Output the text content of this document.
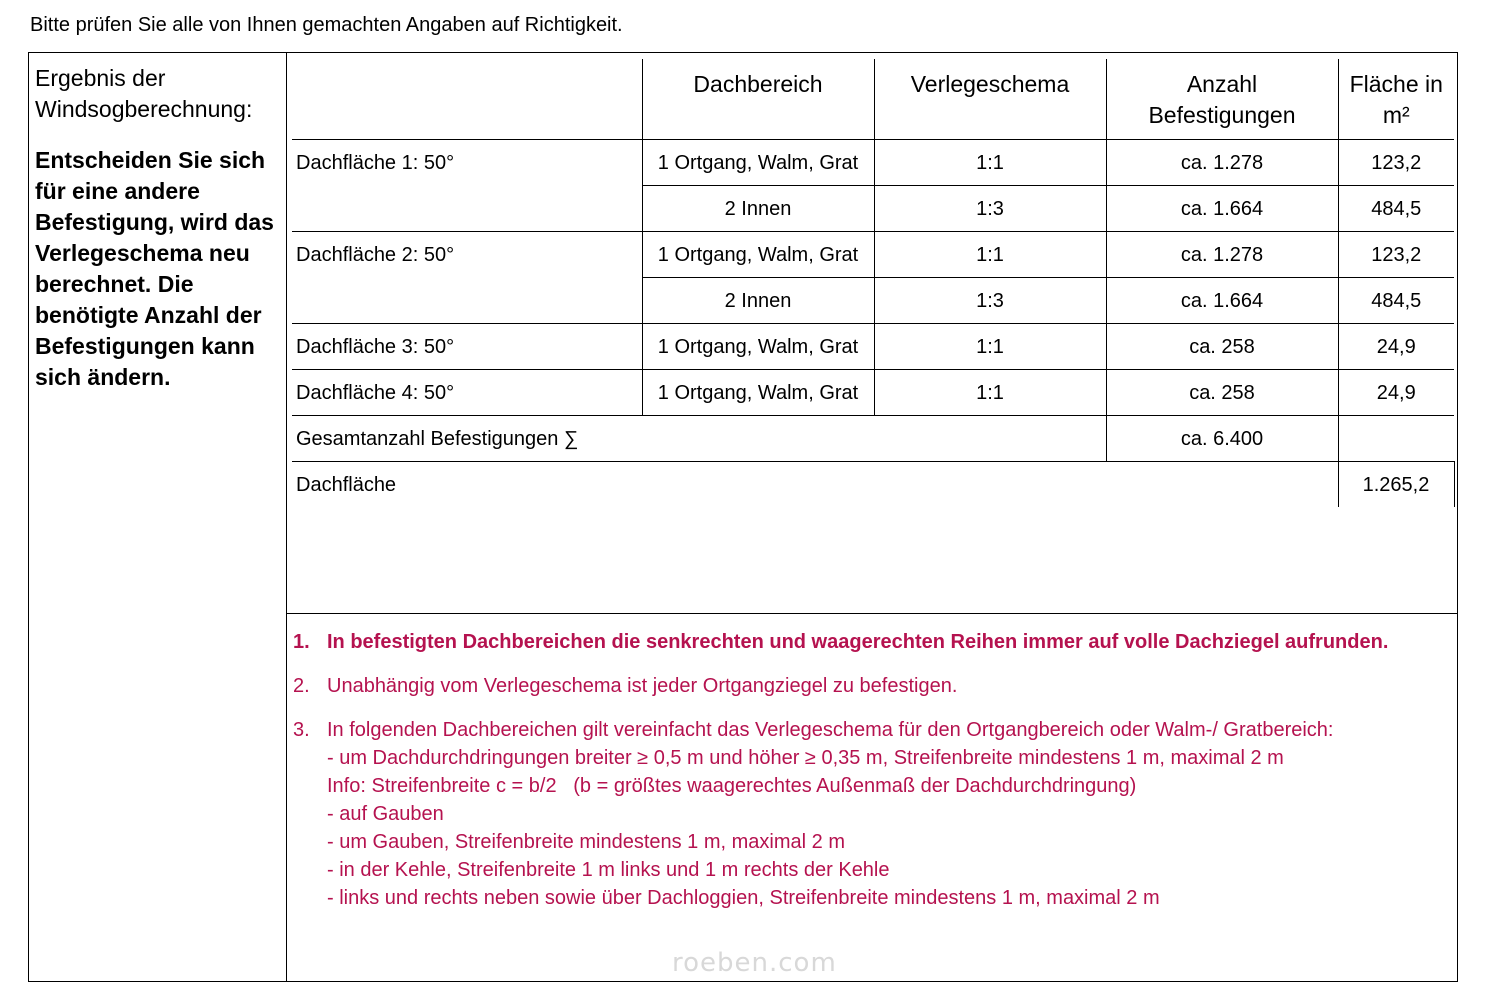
Bitte prüfen Sie alle von Ihnen gemachten Angaben auf Richtigkeit.

Ergebnis der Windsogberechnung:

Entscheiden Sie sich für eine andere Befestigung, wird das Verlegeschema neu berechnet. Die benötigte Anzahl der Befestigungen kann sich ändern.

	Dachbereich	Verlegeschema	Anzahl Befestigungen	Fläche in m²
Dachfläche 1: 50°	1 Ortgang, Walm, Grat	1:1	ca. 1.278	123,2
	2 Innen	1:3	ca. 1.664	484,5
Dachfläche 2: 50°	1 Ortgang, Walm, Grat	1:1	ca. 1.278	123,2
	2 Innen	1:3	ca. 1.664	484,5
Dachfläche 3: 50°	1 Ortgang, Walm, Grat	1:1	ca. 258	24,9
Dachfläche 4: 50°	1 Ortgang, Walm, Grat	1:1	ca. 258	24,9
Gesamtanzahl Befestigungen ∑			ca. 6.400	
Dachfläche				1.265,2
1. In befestigten Dachbereichen die senkrechten und waagerechten Reihen immer auf volle Dachziegel aufrunden.
2. Unabhängig vom Verlegeschema ist jeder Ortgangziegel zu befestigen.
3. In folgenden Dachbereichen gilt vereinfacht das Verlegeschema für den Ortgangbereich oder Walm-/ Gratbereich:
- um Dachdurchdringungen breiter ≥ 0,5 m und höher ≥ 0,35 m, Streifenbreite mindestens 1 m, maximal 2 m
Info: Streifenbreite c = b/2   (b = größtes waagerechtes Außenmaß der Dachdurchdringung)
- auf Gauben
- um Gauben, Streifenbreite mindestens 1 m, maximal 2 m
- in der Kehle, Streifenbreite 1 m links und 1 m rechts der Kehle
- links und rechts neben sowie über Dachloggien, Streifenbreite mindestens 1 m, maximal 2 m
roeben.com
